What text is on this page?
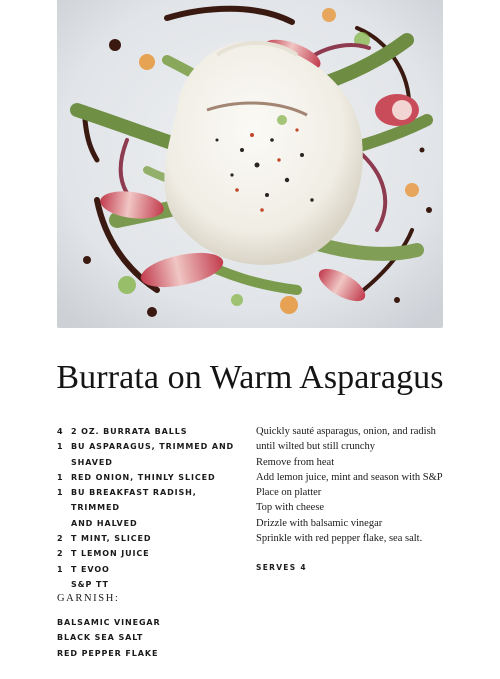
Burrata on Warm Asparagus
4 2 OZ. BURRATA BALLS
1 BU ASPARAGUS, TRIMMED AND
SHAVED
1 RED ONION, THINLY SLICED
1 BU BREAKFAST RADISH, TRIMMED
AND HALVED
2 T MINT, SLICED
2 T LEMON JUICE
1 T EVOO
S&P TT
Quickly sauté asparagus, onion, and radish
until wilted but still crunchy
Remove from heat
Add lemon juice, mint and season with S&P
Place on platter
Top with cheese
Drizzle with balsamic vinegar
Sprinkle with red pepper flake, sea salt.
SERVES 4
GARNISH:
BALSAMIC VINEGAR
BLACK SEA SALT
RED PEPPER FLAKE
